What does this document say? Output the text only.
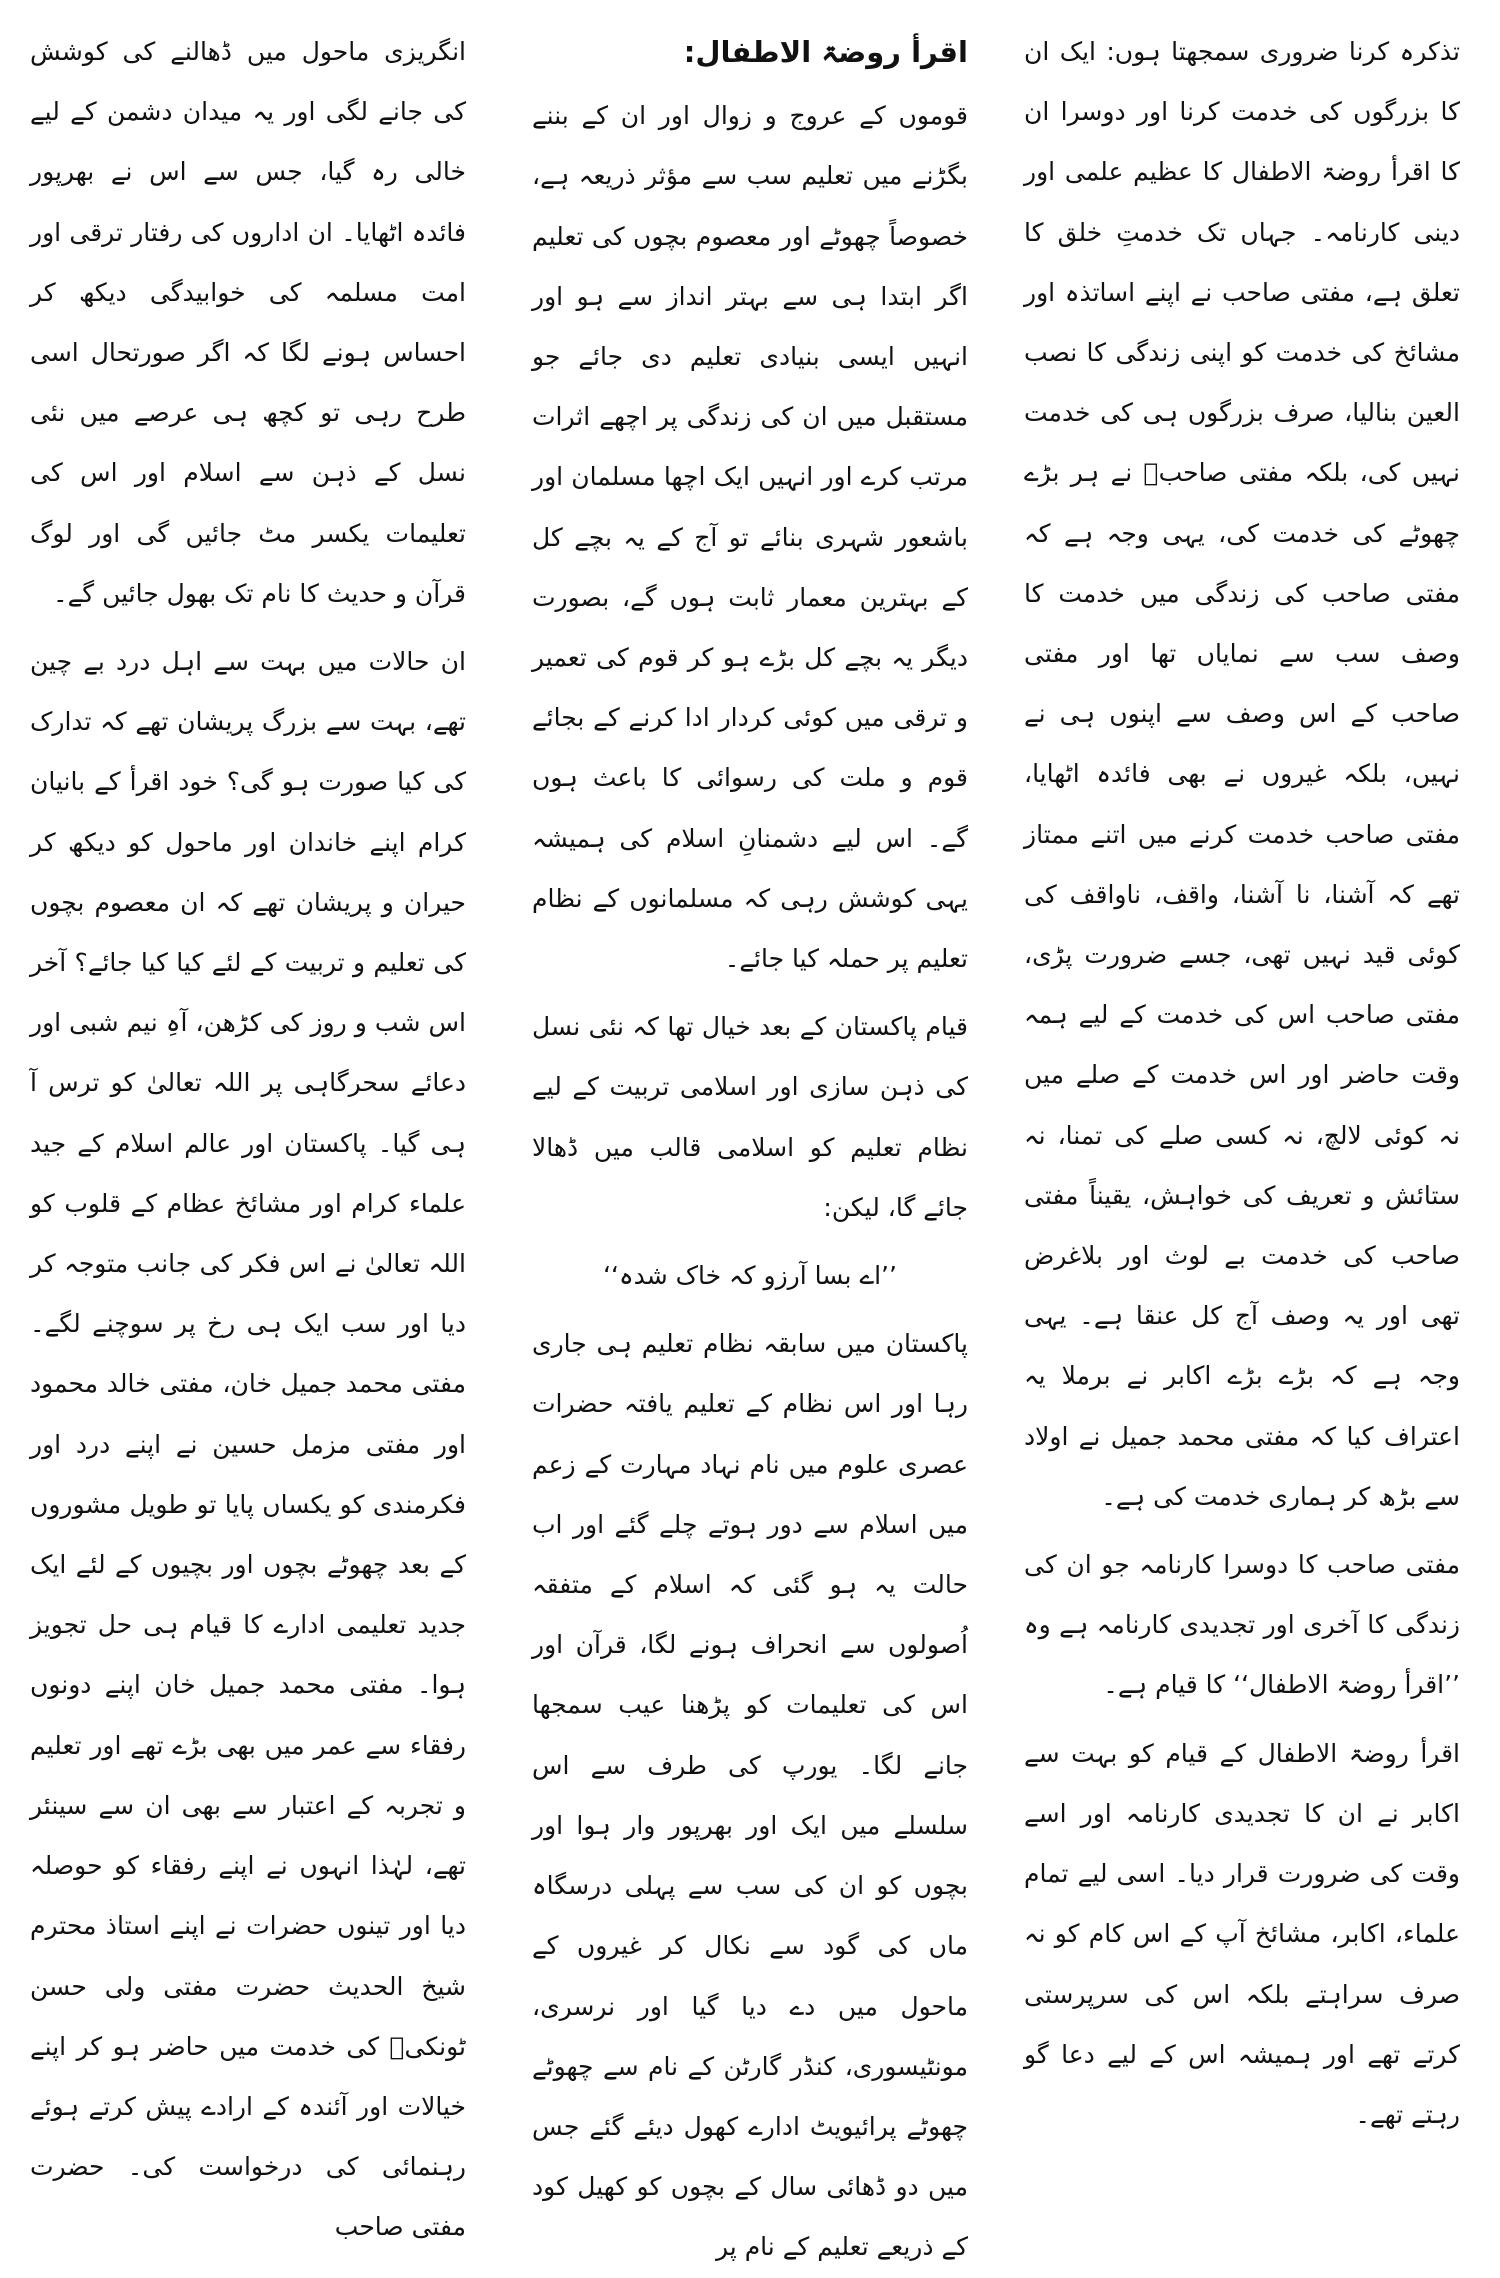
تذکرہ کرنا ضروری سمجھتا ہوں: ایک ان کا بزرگوں کی خدمت کرنا اور دوسرا ان کا اقرأ روضۃ الاطفال کا عظیم علمی اور دینی کارنامہ۔ جہاں تک خدمتِ خلق کا تعلق ہے، مفتی صاحب نے اپنے اساتذہ اور مشائخ کی خدمت کو اپنی زندگی کا نصب العین بنالیا، صرف بزرگوں ہی کی خدمت نہیں کی، بلکہ مفتی صاحبؒ نے ہر بڑے چھوٹے کی خدمت کی، یہی وجہ ہے کہ مفتی صاحب کی زندگی میں خدمت کا وصف سب سے نمایاں تھا اور مفتی صاحب کے اس وصف سے اپنوں ہی نے نہیں، بلکہ غیروں نے بھی فائدہ اٹھایا، مفتی صاحب خدمت کرنے میں اتنے ممتاز تھے کہ آشنا، نا آشنا، واقف، ناواقف کی کوئی قید نہیں تھی، جسے ضرورت پڑی، مفتی صاحب اس کی خدمت کے لیے ہمہ وقت حاضر اور اس خدمت کے صلے میں نہ کوئی لالچ، نہ کسی صلے کی تمنا، نہ ستائش و تعریف کی خواہش، یقیناً مفتی صاحب کی خدمت بے لوث اور بلاغرض تھی اور یہ وصف آج کل عنقا ہے۔ یہی وجہ ہے کہ بڑے بڑے اکابر نے برملا یہ اعتراف کیا کہ مفتی محمد جمیل نے اولاد سے بڑھ کر ہماری خدمت کی ہے۔

مفتی صاحب کا دوسرا کارنامہ جو ان کی زندگی کا آخری اور تجدیدی کارنامہ ہے وہ ’’اقرأ روضۃ الاطفال‘‘ کا قیام ہے۔

اقرأ روضۃ الاطفال کے قیام کو بہت سے اکابر نے ان کا تجدیدی کارنامہ اور اسے وقت کی ضرورت قرار دیا۔ اسی لیے تمام علماء، اکابر، مشائخ آپ کے اس کام کو نہ صرف سراہتے بلکہ اس کی سرپرستی کرتے تھے اور ہمیشہ اس کے لیے دعا گو رہتے تھے۔

اقرأ روضۃ الاطفال:

قوموں کے عروج و زوال اور ان کے بننے بگڑنے میں تعلیم سب سے مؤثر ذریعہ ہے، خصوصاً چھوٹے اور معصوم بچوں کی تعلیم اگر ابتدا ہی سے بہتر انداز سے ہو اور انہیں ایسی بنیادی تعلیم دی جائے جو مستقبل میں ان کی زندگی پر اچھے اثرات مرتب کرے اور انہیں ایک اچھا مسلمان اور باشعور شہری بنائے تو آج کے یہ بچے کل کے بہترین معمار ثابت ہوں گے، بصورت دیگر یہ بچے کل بڑے ہو کر قوم کی تعمیر و ترقی میں کوئی کردار ادا کرنے کے بجائے قوم و ملت کی رسوائی کا باعث ہوں گے۔ اس لیے دشمنانِ اسلام کی ہمیشہ یہی کوشش رہی کہ مسلمانوں کے نظام تعلیم پر حملہ کیا جائے۔

قیام پاکستان کے بعد خیال تھا کہ نئی نسل کی ذہن سازی اور اسلامی تربیت کے لیے نظام تعلیم کو اسلامی قالب میں ڈھالا جائے گا، لیکن:

’’اے بسا آرزو کہ خاک شدہ‘‘

پاکستان میں سابقہ نظام تعلیم ہی جاری رہا اور اس نظام کے تعلیم یافتہ حضرات عصری علوم میں نام نہاد مہارت کے زعم میں اسلام سے دور ہوتے چلے گئے اور اب حالت یہ ہو گئی کہ اسلام کے متفقہ اُصولوں سے انحراف ہونے لگا، قرآن اور اس کی تعلیمات کو پڑھنا عیب سمجھا جانے لگا۔ یورپ کی طرف سے اس سلسلے میں ایک اور بھرپور وار ہوا اور بچوں کو ان کی سب سے پہلی درسگاہ ماں کی گود سے نکال کر غیروں کے ماحول میں دے دیا گیا اور نرسری، مونٹیسوری، کنڈر گارٹن کے نام سے چھوٹے چھوٹے پرائیویٹ ادارے کھول دیئے گئے جس میں دو ڈھائی سال کے بچوں کو کھیل کود کے ذریعے تعلیم کے نام پر

انگریزی ماحول میں ڈھالنے کی کوشش کی جانے لگی اور یہ میدان دشمن کے لیے خالی رہ گیا، جس سے اس نے بھرپور فائدہ اٹھایا۔ ان اداروں کی رفتار ترقی اور امت مسلمہ کی خوابیدگی دیکھ کر احساس ہونے لگا کہ اگر صورتحال اسی طرح رہی تو کچھ ہی عرصے میں نئی نسل کے ذہن سے اسلام اور اس کی تعلیمات یکسر مٹ جائیں گی اور لوگ قرآن و حدیث کا نام تک بھول جائیں گے۔

ان حالات میں بہت سے اہل درد بے چین تھے، بہت سے بزرگ پریشان تھے کہ تدارک کی کیا صورت ہو گی؟ خود اقرأ کے بانیان کرام اپنے خاندان اور ماحول کو دیکھ کر حیران و پریشان تھے کہ ان معصوم بچوں کی تعلیم و تربیت کے لئے کیا کیا جائے؟ آخر اس شب و روز کی کڑھن، آہِ نیم شبی اور دعائے سحرگاہی پر اللہ تعالیٰ کو ترس آ ہی گیا۔ پاکستان اور عالم اسلام کے جید علماء کرام اور مشائخ عظام کے قلوب کو اللہ تعالیٰ نے اس فکر کی جانب متوجہ کر دیا اور سب ایک ہی رخ پر سوچنے لگے۔ مفتی محمد جمیل خان، مفتی خالد محمود اور مفتی مزمل حسین نے اپنے درد اور فکرمندی کو یکساں پایا تو طویل مشوروں کے بعد چھوٹے بچوں اور بچیوں کے لئے ایک جدید تعلیمی ادارے کا قیام ہی حل تجویز ہوا۔ مفتی محمد جمیل خان اپنے دونوں رفقاء سے عمر میں بھی بڑے تھے اور تعلیم و تجربہ کے اعتبار سے بھی ان سے سینئر تھے، لہٰذا انہوں نے اپنے رفقاء کو حوصلہ دیا اور تینوں حضرات نے اپنے استاذ محترم شیخ الحدیث حضرت مفتی ولی حسن ٹونکیؒ کی خدمت میں حاضر ہو کر اپنے خیالات اور آئندہ کے ارادے پیش کرتے ہوئے رہنمائی کی درخواست کی۔ حضرت مفتی صاحب
